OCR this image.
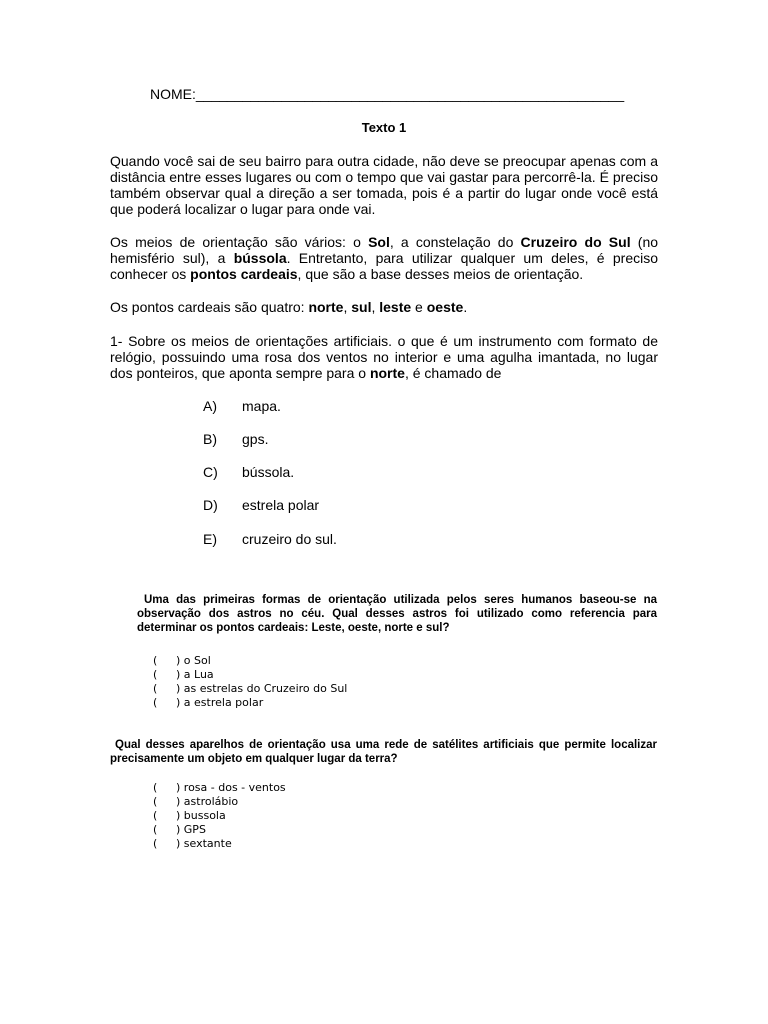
NOME:_______________________________________________________
Texto 1
Quando você sai de seu bairro para outra cidade, não deve se preocupar apenas com a distância entre esses lugares ou com o tempo que vai gastar para percorrê-la. É preciso também observar qual a direção a ser tomada, pois é a partir do lugar onde você está que poderá localizar o lugar para onde vai.
Os meios de orientação são vários: o Sol, a constelação do Cruzeiro do Sul (no hemisfério sul), a bússola. Entretanto, para utilizar qualquer um deles, é preciso conhecer os pontos cardeais, que são a base desses meios de orientação.
Os pontos cardeais são quatro: norte, sul, leste e oeste.
1- Sobre os meios de orientações artificiais. o que é um instrumento com formato de relógio, possuindo uma rosa dos ventos no interior e uma agulha imantada, no lugar dos ponteiros, que aponta sempre para o norte, é chamado de
A) mapa.
B) gps.
C) bússola.
D) estrela polar
E) cruzeiro do sul.
Uma das primeiras formas de orientação utilizada pelos seres humanos baseou-se na observação dos astros no céu. Qual desses astros foi utilizado como referencia para determinar os pontos cardeais: Leste, oeste, norte e sul?
( ) o Sol
( ) a Lua
( ) as estrelas do Cruzeiro do Sul
( ) a estrela polar
Qual desses aparelhos de orientação usa uma rede de satélites artificiais que permite localizar precisamente um objeto em qualquer lugar da terra?
( ) rosa - dos - ventos
( ) astrolábio
( ) bussola
( ) GPS
( ) sextante
